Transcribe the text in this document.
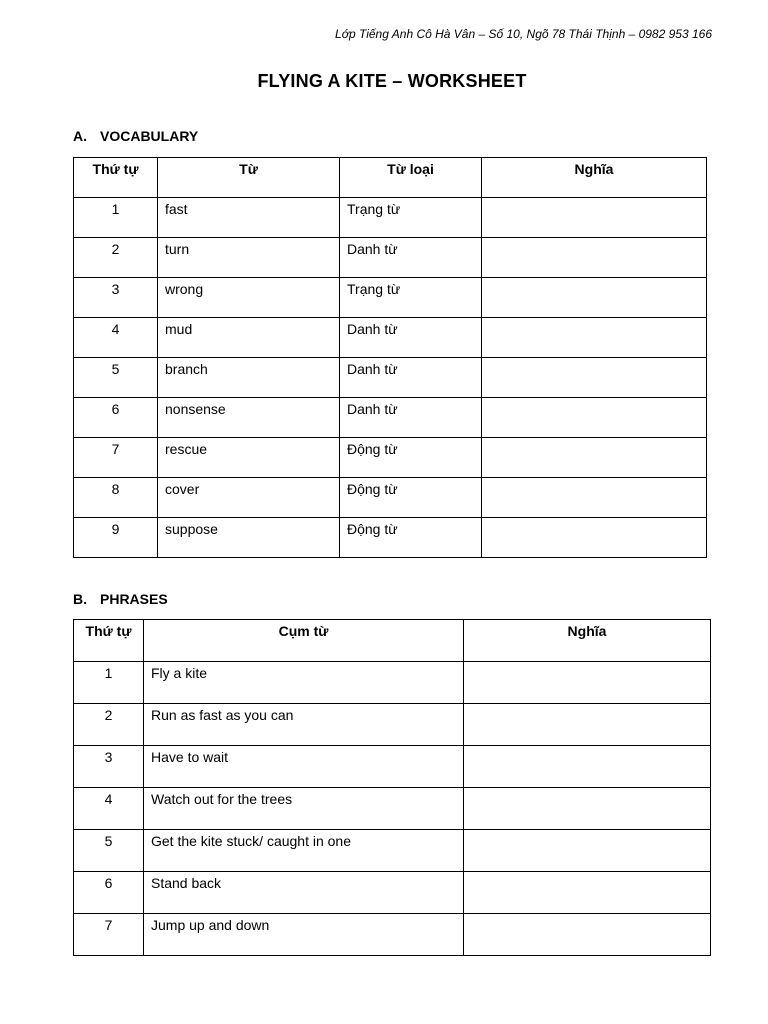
Lớp Tiếng Anh Cô Hà Vân – Số 10, Ngõ 78 Thái Thịnh – 0982 953 166
FLYING A KITE – WORKSHEET
A. VOCABULARY
Thứ tự	Từ	Từ loại	Nghĩa
1	fast	Trạng từ	
2	turn	Danh từ	
3	wrong	Trạng từ	
4	mud	Danh từ	
5	branch	Danh từ	
6	nonsense	Danh từ	
7	rescue	Động từ	
8	cover	Động từ	
9	suppose	Động từ	
B. PHRASES
Thứ tự	Cụm từ	Nghĩa
1	Fly a kite	
2	Run as fast as you can	
3	Have to wait	
4	Watch out for the trees	
5	Get the kite stuck/ caught in one	
6	Stand back	
7	Jump up and down	
